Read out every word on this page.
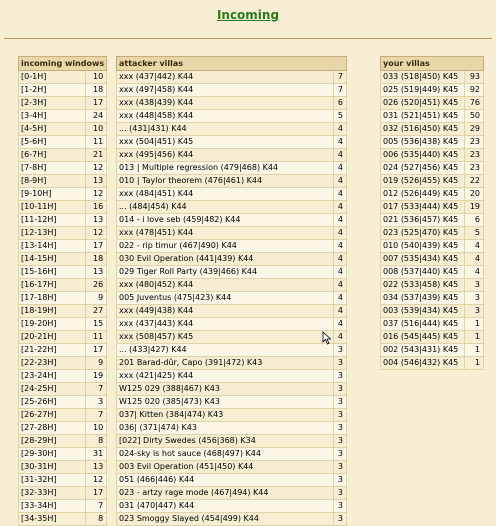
Incoming
incoming windows	
[0-1H]	10
[1-2H]	18
[2-3H]	17
[3-4H]	24
[4-5H]	10
[5-6H]	11
[6-7H]	21
[7-8H]	12
[8-9H]	13
[9-10H]	12
[10-11H]	16
[11-12H]	13
[12-13H]	12
[13-14H]	17
[14-15H]	18
[15-16H]	13
[16-17H]	26
[17-18H]	9
[18-19H]	27
[19-20H]	15
[20-21H]	11
[21-22H]	17
[22-23H]	9
[23-24H]	19
[24-25H]	7
[25-26H]	3
[26-27H]	7
[27-28H]	10
[28-29H]	8
[29-30H]	31
[30-31H]	13
[31-32H]	12
[32-33H]	17
[33-34H]	7
[34-35H]	8
attacker villas	
xxx (437|442) K44	7
xxx (497|458) K44	7
xxx (438|439) K44	6
xxx (448|458) K44	5
... (431|431) K44	4
xxx (504|451) K45	4
xxx (495|456) K44	4
013 | Multiple regression (479|468) K44	4
010 | Taylor theorem (476|461) K44	4
xxx (484|451) K44	4
... (484|454) K44	4
014 - i love seb (459|482) K44	4
xxx (478|451) K44	4
022 - rip timur (467|490) K44	4
030 Evil Operation (441|439) K44	4
029 Tiger Roll Party (439|466) K44	4
xxx (480|452) K44	4
005 Juventus (475|423) K44	4
xxx (449|438) K44	4
xxx (437|443) K44	4
xxx (508|457) K45	4
... (433|427) K44	3
201 Barad-dûr, Capo (391|472) K43	3
xxx (421|425) K44	3
W125 029 (388|467) K43	3
W125 020 (385|473) K43	3
037| Kitten (384|474) K43	3
036| (371|474) K43	3
[022] Dirty Swedes (456|368) K34	3
024-sky is hot sauce (468|497) K44	3
003 Evil Operation (451|450) K44	3
051 (466|446) K44	3
023 - artzy rage mode (467|494) K44	3
031 (470|447) K44	3
023 Smoggy Slayed (454|499) K44	3
your villas	
033 (518|450) K45	93
025 (519|449) K45	92
026 (520|451) K45	76
031 (521|451) K45	50
032 (516|450) K45	29
005 (536|438) K45	23
006 (535|440) K45	23
024 (527|456) K45	23
019 (526|455) K45	22
012 (526|449) K45	20
017 (533|444) K45	19
021 (536|457) K45	6
023 (525|470) K45	5
010 (540|439) K45	4
007 (535|434) K45	4
008 (537|440) K45	4
022 (533|458) K45	3
034 (537|439) K45	3
003 (539|434) K45	3
037 (516|444) K45	1
016 (545|445) K45	1
002 (543|431) K45	1
004 (546|432) K45	1
